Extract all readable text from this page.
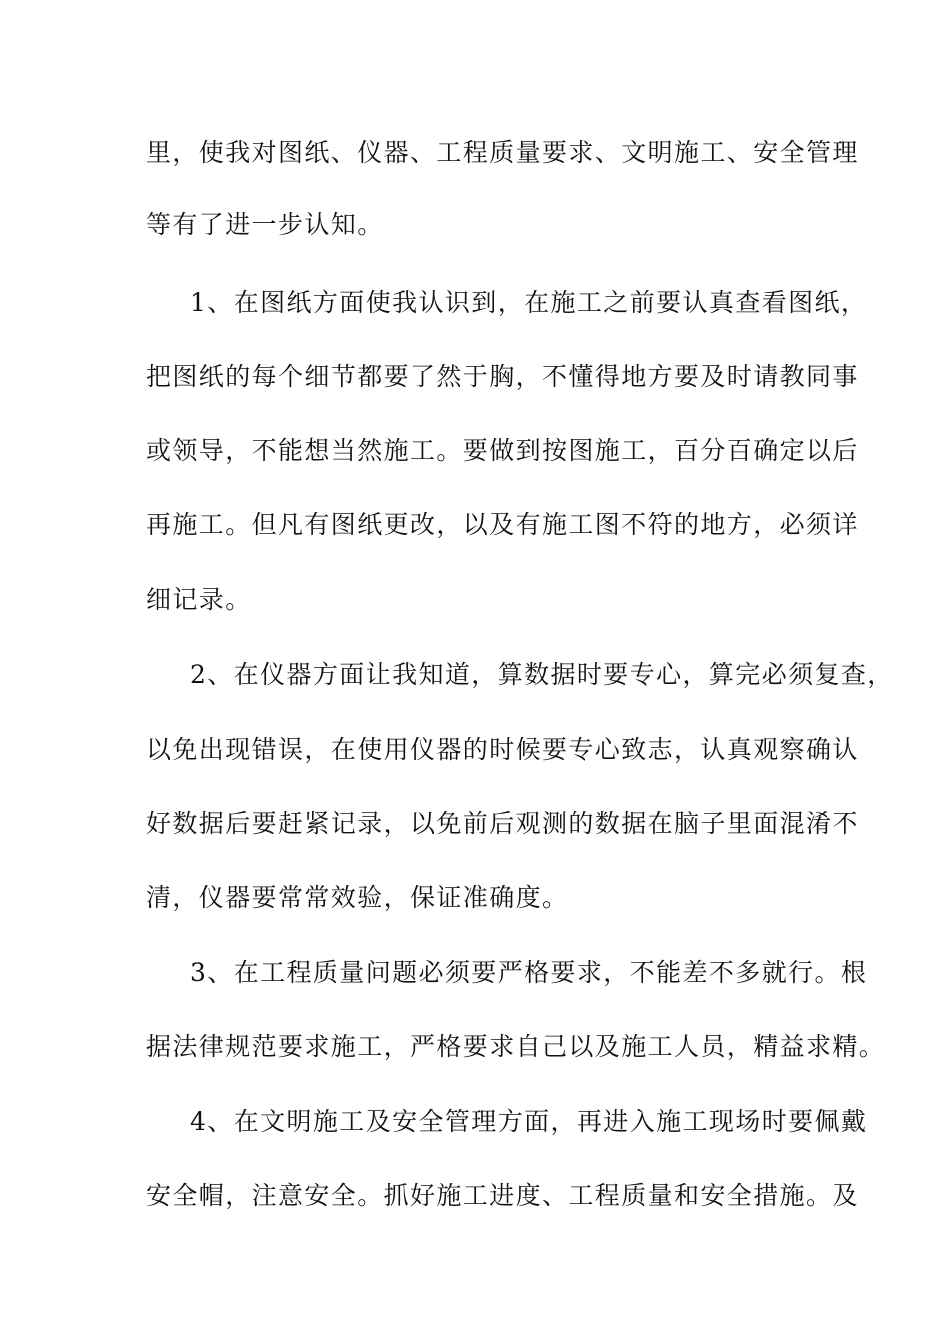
里，使我对图纸、仪器、工程质量要求、文明施工、安全管理
等有了进一步认知。
1、在图纸方面使我认识到，在施工之前要认真查看图纸，
把图纸的每个细节都要了然于胸，不懂得地方要及时请教同事
或领导，不能想当然施工。要做到按图施工，百分百确定以后
再施工。但凡有图纸更改，以及有施工图不符的地方，必须详
细记录。
2、在仪器方面让我知道，算数据时要专心，算完必须复查，
以免出现错误，在使用仪器的时候要专心致志，认真观察确认
好数据后要赶紧记录，以免前后观测的数据在脑子里面混淆不
清，仪器要常常效验，保证准确度。
3、在工程质量问题必须要严格要求，不能差不多就行。根
据法律规范要求施工，严格要求自己以及施工人员，精益求精。
4、在文明施工及安全管理方面，再进入施工现场时要佩戴
安全帽，注意安全。抓好施工进度、工程质量和安全措施。及
